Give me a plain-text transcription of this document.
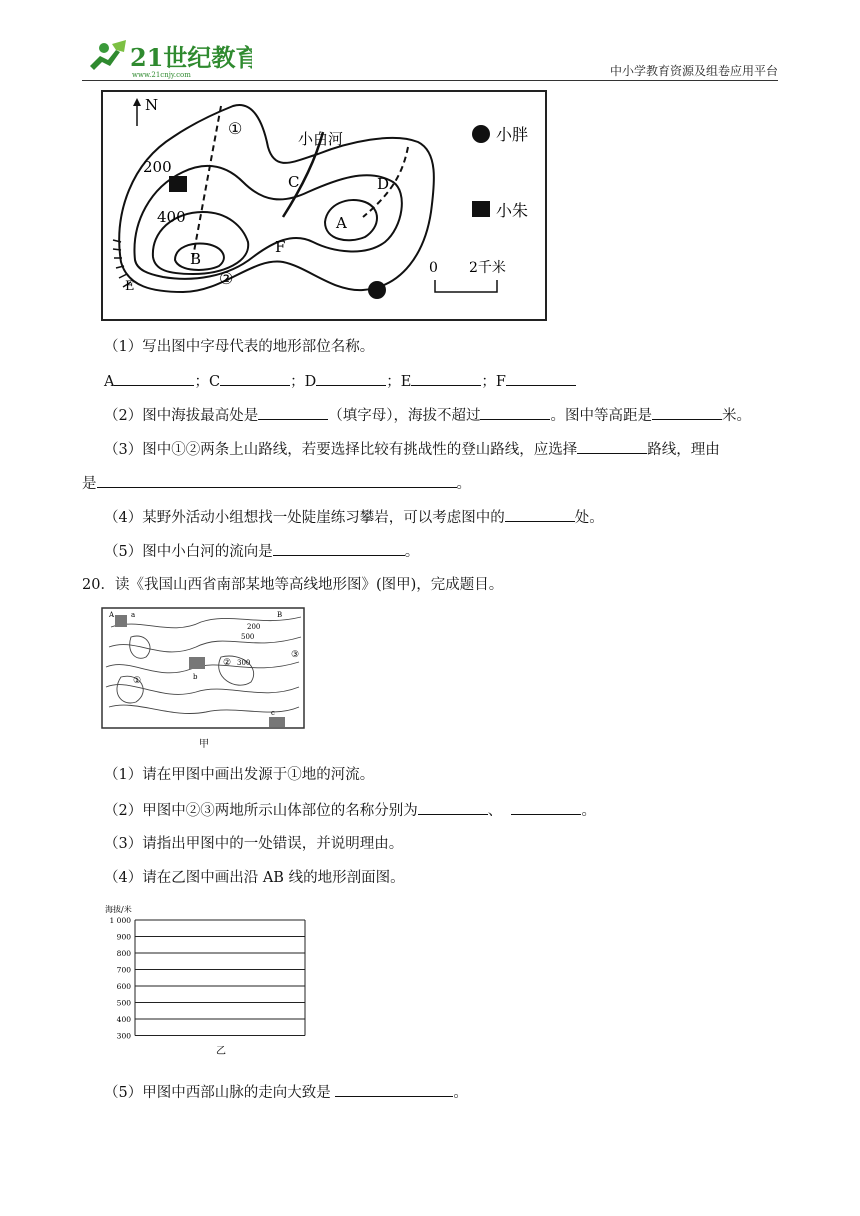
21世纪教育
www.21cnjy.com	中小学教育资源及组卷应用平台
N
①
②
小白河
200
400	A
B
C	D
E
F
小胖
小朱
0 2千米
（1）写出图中字母代表的地形部位名称。
A	；C	；D	；E	；F
（2）图中海拔最高处是	（填字母），海拔不超过	。图中等高距是	米。
（3）图中①②两条上山路线，若要选择比较有挑战性的登山路线，应选择	路线，理由
是	。
（4）某野外活动小组想找一处陡崖练习攀岩，可以考虑图中的	处。
（5）图中小白河的流向是	。
20．读《我国山西省南部某地等高线地形图》(图甲)，完成题目。
A	B
a
b
c
200
500
300
①
②
③
甲
（1）请在甲图中画出发源于①地的河流。
（2）甲图中②③两地所示山体部位的名称分别为	、	。
（3）请指出甲图中的一处错误，并说明理由。
（4）请在乙图中画出沿 AB 线的地形剖面图。
海拔/米
1 000
900
800
700
600
500
400
300
乙
（5）甲图中西部山脉的走向大致是	。
